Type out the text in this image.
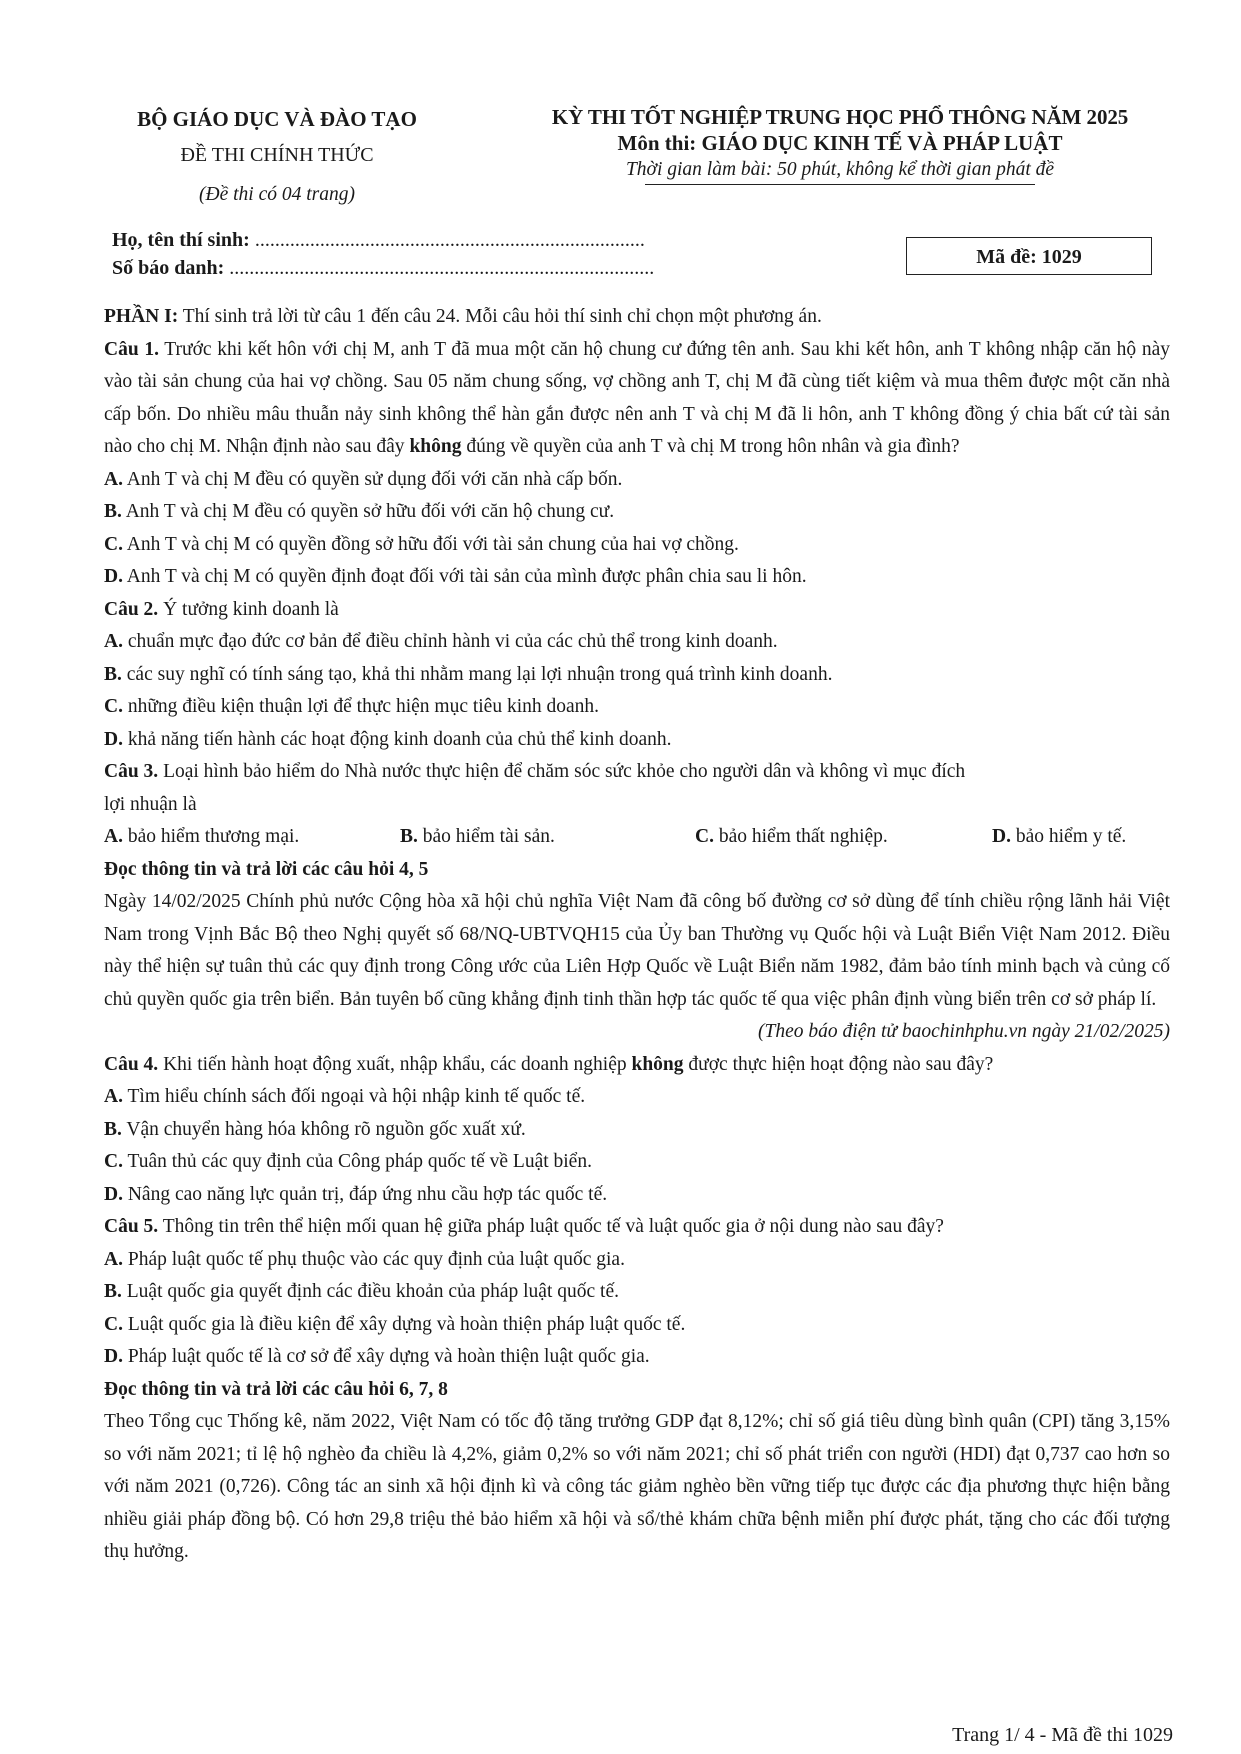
BỘ GIÁO DỤC VÀ ĐÀO TẠO
ĐỀ THI CHÍNH THỨC
(Đề thi có 04 trang)
KỲ THI TỐT NGHIỆP TRUNG HỌC PHỔ THÔNG NĂM 2025
Môn thi: GIÁO DỤC KINH TẾ VÀ PHÁP LUẬT
Thời gian làm bài: 50 phút, không kể thời gian phát đề
Họ, tên thí sinh: ..............................................................................
Số báo danh: .....................................................................................	Mã đề: 1029

PHẦN I: Thí sinh trả lời từ câu 1 đến câu 24. Mỗi câu hỏi thí sinh chỉ chọn một phương án.

Câu 1. Trước khi kết hôn với chị M, anh T đã mua một căn hộ chung cư đứng tên anh. Sau khi kết hôn, anh T không nhập căn hộ này vào tài sản chung của hai vợ chồng. Sau 05 năm chung sống, vợ chồng anh T, chị M đã cùng tiết kiệm và mua thêm được một căn nhà cấp bốn. Do nhiều mâu thuẫn nảy sinh không thể hàn gắn được nên anh T và chị M đã li hôn, anh T không đồng ý chia bất cứ tài sản nào cho chị M. Nhận định nào sau đây không đúng về quyền của anh T và chị M trong hôn nhân và gia đình?

A. Anh T và chị M đều có quyền sử dụng đối với căn nhà cấp bốn.

B. Anh T và chị M đều có quyền sở hữu đối với căn hộ chung cư.

C. Anh T và chị M có quyền đồng sở hữu đối với tài sản chung của hai vợ chồng.

D. Anh T và chị M có quyền định đoạt đối với tài sản của mình được phân chia sau li hôn.

Câu 2. Ý tưởng kinh doanh là

A. chuẩn mực đạo đức cơ bản để điều chỉnh hành vi của các chủ thể trong kinh doanh.

B. các suy nghĩ có tính sáng tạo, khả thi nhằm mang lại lợi nhuận trong quá trình kinh doanh.

C. những điều kiện thuận lợi để thực hiện mục tiêu kinh doanh.

D. khả năng tiến hành các hoạt động kinh doanh của chủ thể kinh doanh.

Câu 3. Loại hình bảo hiểm do Nhà nước thực hiện để chăm sóc sức khỏe cho người dân và không vì mục đích

lợi nhuận là

A. bảo hiểm thương mại.	B. bảo hiểm tài sản.	C. bảo hiểm thất nghiệp.	D. bảo hiểm y tế.

Đọc thông tin và trả lời các câu hỏi 4, 5

Ngày 14/02/2025 Chính phủ nước Cộng hòa xã hội chủ nghĩa Việt Nam đã công bố đường cơ sở dùng để tính chiều rộng lãnh hải Việt Nam trong Vịnh Bắc Bộ theo Nghị quyết số 68/NQ-UBTVQH15 của Ủy ban Thường vụ Quốc hội và Luật Biển Việt Nam 2012. Điều này thể hiện sự tuân thủ các quy định trong Công ước của Liên Hợp Quốc về Luật Biển năm 1982, đảm bảo tính minh bạch và củng cố chủ quyền quốc gia trên biển. Bản tuyên bố cũng khẳng định tinh thần hợp tác quốc tế qua việc phân định vùng biển trên cơ sở pháp lí.

(Theo báo điện tử baochinhphu.vn ngày 21/02/2025)

Câu 4. Khi tiến hành hoạt động xuất, nhập khẩu, các doanh nghiệp không được thực hiện hoạt động nào sau đây?

A. Tìm hiểu chính sách đối ngoại và hội nhập kinh tế quốc tế.

B. Vận chuyển hàng hóa không rõ nguồn gốc xuất xứ.

C. Tuân thủ các quy định của Công pháp quốc tế về Luật biển.

D. Nâng cao năng lực quản trị, đáp ứng nhu cầu hợp tác quốc tế.

Câu 5. Thông tin trên thể hiện mối quan hệ giữa pháp luật quốc tế và luật quốc gia ở nội dung nào sau đây?

A. Pháp luật quốc tế phụ thuộc vào các quy định của luật quốc gia.

B. Luật quốc gia quyết định các điều khoản của pháp luật quốc tế.

C. Luật quốc gia là điều kiện để xây dựng và hoàn thiện pháp luật quốc tế.

D. Pháp luật quốc tế là cơ sở để xây dựng và hoàn thiện luật quốc gia.

Đọc thông tin và trả lời các câu hỏi 6, 7, 8

Theo Tổng cục Thống kê, năm 2022, Việt Nam có tốc độ tăng trưởng GDP đạt 8,12%; chỉ số giá tiêu dùng bình quân (CPI) tăng 3,15% so với năm 2021; tỉ lệ hộ nghèo đa chiều là 4,2%, giảm 0,2% so với năm 2021; chỉ số phát triển con người (HDI) đạt 0,737 cao hơn so với năm 2021 (0,726). Công tác an sinh xã hội định kì và công tác giảm nghèo bền vững tiếp tục được các địa phương thực hiện bằng nhiều giải pháp đồng bộ. Có hơn 29,8 triệu thẻ bảo hiểm xã hội và sổ/thẻ khám chữa bệnh miễn phí được phát, tặng cho các đối tượng thụ hưởng.

Trang 1/ 4 - Mã đề thi 1029
